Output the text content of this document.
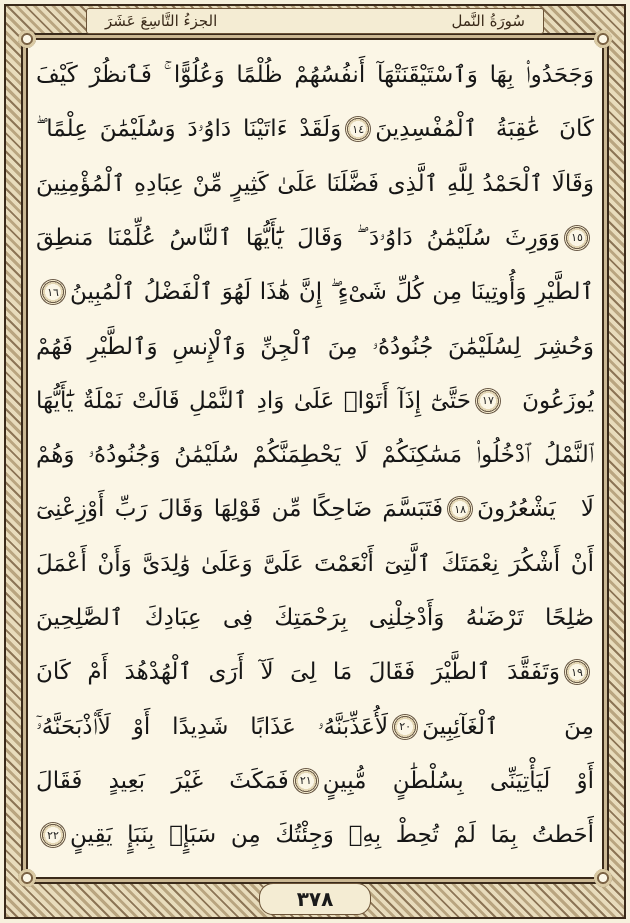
سُورَةُ النَّمل
الجزءُ التَّاسِعَ عَشَرَ
وَجَحَدُوا۟ بِهَا وَٱسْتَيْقَنَتْهَآ أَنفُسُهُمْ ظُلْمًا وَعُلُوًّا ۚ فَٱنظُرْ كَيْفَ
كَانَ عَٰقِبَةُ ٱلْمُفْسِدِينَ
١٤
وَلَقَدْ ءَاتَيْنَا دَاوُۥدَ وَسُلَيْمَٰنَ عِلْمًا ۖ
وَقَالَا ٱلْحَمْدُ لِلَّهِ ٱلَّذِى فَضَّلَنَا عَلَىٰ كَثِيرٍ مِّنْ عِبَادِهِ ٱلْمُؤْمِنِينَ
١٥
وَوَرِثَ سُلَيْمَٰنُ دَاوُۥدَ ۖ وَقَالَ يَٰٓأَيُّهَا ٱلنَّاسُ عُلِّمْنَا مَنطِقَ
ٱلطَّيْرِ وَأُوتِينَا مِن كُلِّ شَىْءٍ ۖ إِنَّ هَٰذَا لَهُوَ ٱلْفَضْلُ ٱلْمُبِينُ
١٦
وَحُشِرَ لِسُلَيْمَٰنَ جُنُودُهُۥ مِنَ ٱلْجِنِّ وَٱلْإِنسِ وَٱلطَّيْرِ فَهُمْ
يُوزَعُونَ
١٧
حَتَّىٰٓ إِذَآ أَتَوْا۟ عَلَىٰ وَادِ ٱلنَّمْلِ قَالَتْ نَمْلَةٌ يَٰٓأَيُّهَا
ٱلنَّمْلُ ٱدْخُلُوا۟ مَسَٰكِنَكُمْ لَا يَحْطِمَنَّكُمْ سُلَيْمَٰنُ وَجُنُودُهُۥ وَهُمْ
لَا يَشْعُرُونَ
١٨
فَتَبَسَّمَ ضَاحِكًا مِّن قَوْلِهَا وَقَالَ رَبِّ أَوْزِعْنِىٓ
أَنْ أَشْكُرَ نِعْمَتَكَ ٱلَّتِىٓ أَنْعَمْتَ عَلَىَّ وَعَلَىٰ وَٰلِدَىَّ وَأَنْ أَعْمَلَ
صَٰلِحًا تَرْضَىٰهُ وَأَدْخِلْنِى بِرَحْمَتِكَ فِى عِبَادِكَ ٱلصَّٰلِحِينَ
١٩
وَتَفَقَّدَ ٱلطَّيْرَ فَقَالَ مَا لِىَ لَآ أَرَى ٱلْهُدْهُدَ أَمْ كَانَ
مِنَ ٱلْغَآئِبِينَ
٢٠
لَأُعَذِّبَنَّهُۥ عَذَابًا شَدِيدًا أَوْ لَأَا۟ذْبَحَنَّهُۥٓ
أَوْ لَيَأْتِيَنِّى بِسُلْطَٰنٍ مُّبِينٍ
٢١
فَمَكَثَ غَيْرَ بَعِيدٍ فَقَالَ
أَحَطتُ بِمَا لَمْ تُحِطْ بِهِۦ وَجِئْتُكَ مِن سَبَإٍۭ بِنَبَإٍ يَقِينٍ
٢٢
٣٧٨
